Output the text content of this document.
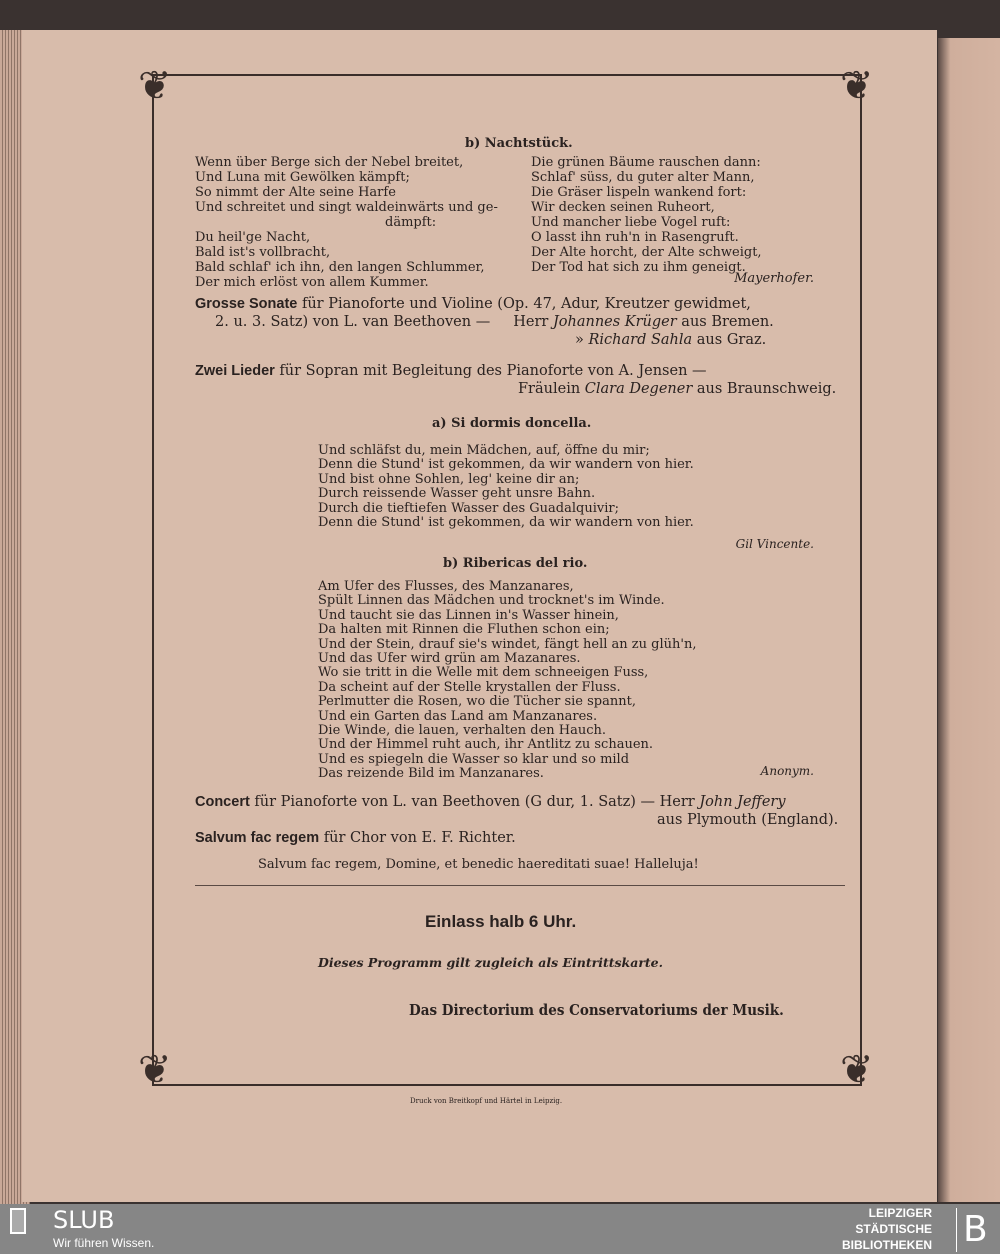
❦	❦
❦	❦
b) Nachtstück.
Wenn über Berge sich der Nebel breitet,
Und Luna mit Gewölken kämpft;
So nimmt der Alte seine Harfe
Und schreitet und singt waldeinwärts und ge-
dämpft:
Du heil'ge Nacht,
Bald ist's vollbracht,
Bald schlaf' ich ihn, den langen Schlummer,
Der mich erlöst von allem Kummer.
Die grünen Bäume rauschen dann:
Schlaf' süss, du guter alter Mann,
Die Gräser lispeln wankend fort:
Wir decken seinen Ruheort,
Und mancher liebe Vogel ruft:
O lasst ihn ruh'n in Rasengruft.
Der Alte horcht, der Alte schweigt,
Der Tod hat sich zu ihm geneigt.
Mayerhofer.
Grosse Sonate für Pianoforte und Violine (Op. 47, Adur, Kreutzer gewidmet,
2. u. 3. Satz) von L. van Beethoven — Herr Johannes Krüger aus Bremen.
» Richard Sahla aus Graz.
Zwei Lieder für Sopran mit Begleitung des Pianoforte von A. Jensen —
Fräulein Clara Degener aus Braunschweig.
a) Si dormis doncella.
Und schläfst du, mein Mädchen, auf, öffne du mir;
Denn die Stund' ist gekommen, da wir wandern von hier.
Und bist ohne Sohlen, leg' keine dir an;
Durch reissende Wasser geht unsre Bahn.
Durch die tieftiefen Wasser des Guadalquivir;
Denn die Stund' ist gekommen, da wir wandern von hier.
Gil Vincente.
b) Ribericas del rio.
Am Ufer des Flusses, des Manzanares,
Spült Linnen das Mädchen und trocknet's im Winde.
Und taucht sie das Linnen in's Wasser hinein,
Da halten mit Rinnen die Fluthen schon ein;
Und der Stein, drauf sie's windet, fängt hell an zu glüh'n,
Und das Ufer wird grün am Mazanares.
Wo sie tritt in die Welle mit dem schneeigen Fuss,
Da scheint auf der Stelle krystallen der Fluss.
Perlmutter die Rosen, wo die Tücher sie spannt,
Und ein Garten das Land am Manzanares.
Die Winde, die lauen, verhalten den Hauch.
Und der Himmel ruht auch, ihr Antlitz zu schauen.
Und es spiegeln die Wasser so klar und so mild
Das reizende Bild im Manzanares.	Anonym.
Concert für Pianoforte von L. van Beethoven (G dur, 1. Satz) — Herr John Jeffery
aus Plymouth (England).
Salvum fac regem für Chor von E. F. Richter.
Salvum fac regem, Domine, et benedic haereditati suae! Halleluja!
Einlass halb 6 Uhr.
Dieses Programm gilt zugleich als Eintrittskarte.
Das Directorium des Conservatoriums der Musik.
Druck von Breitkopf und Härtel in Leipzig.
SLUB
Wir führen Wissen.
LEIPZIGER
STÄDTISCHE
BIBLIOTHEKEN B
